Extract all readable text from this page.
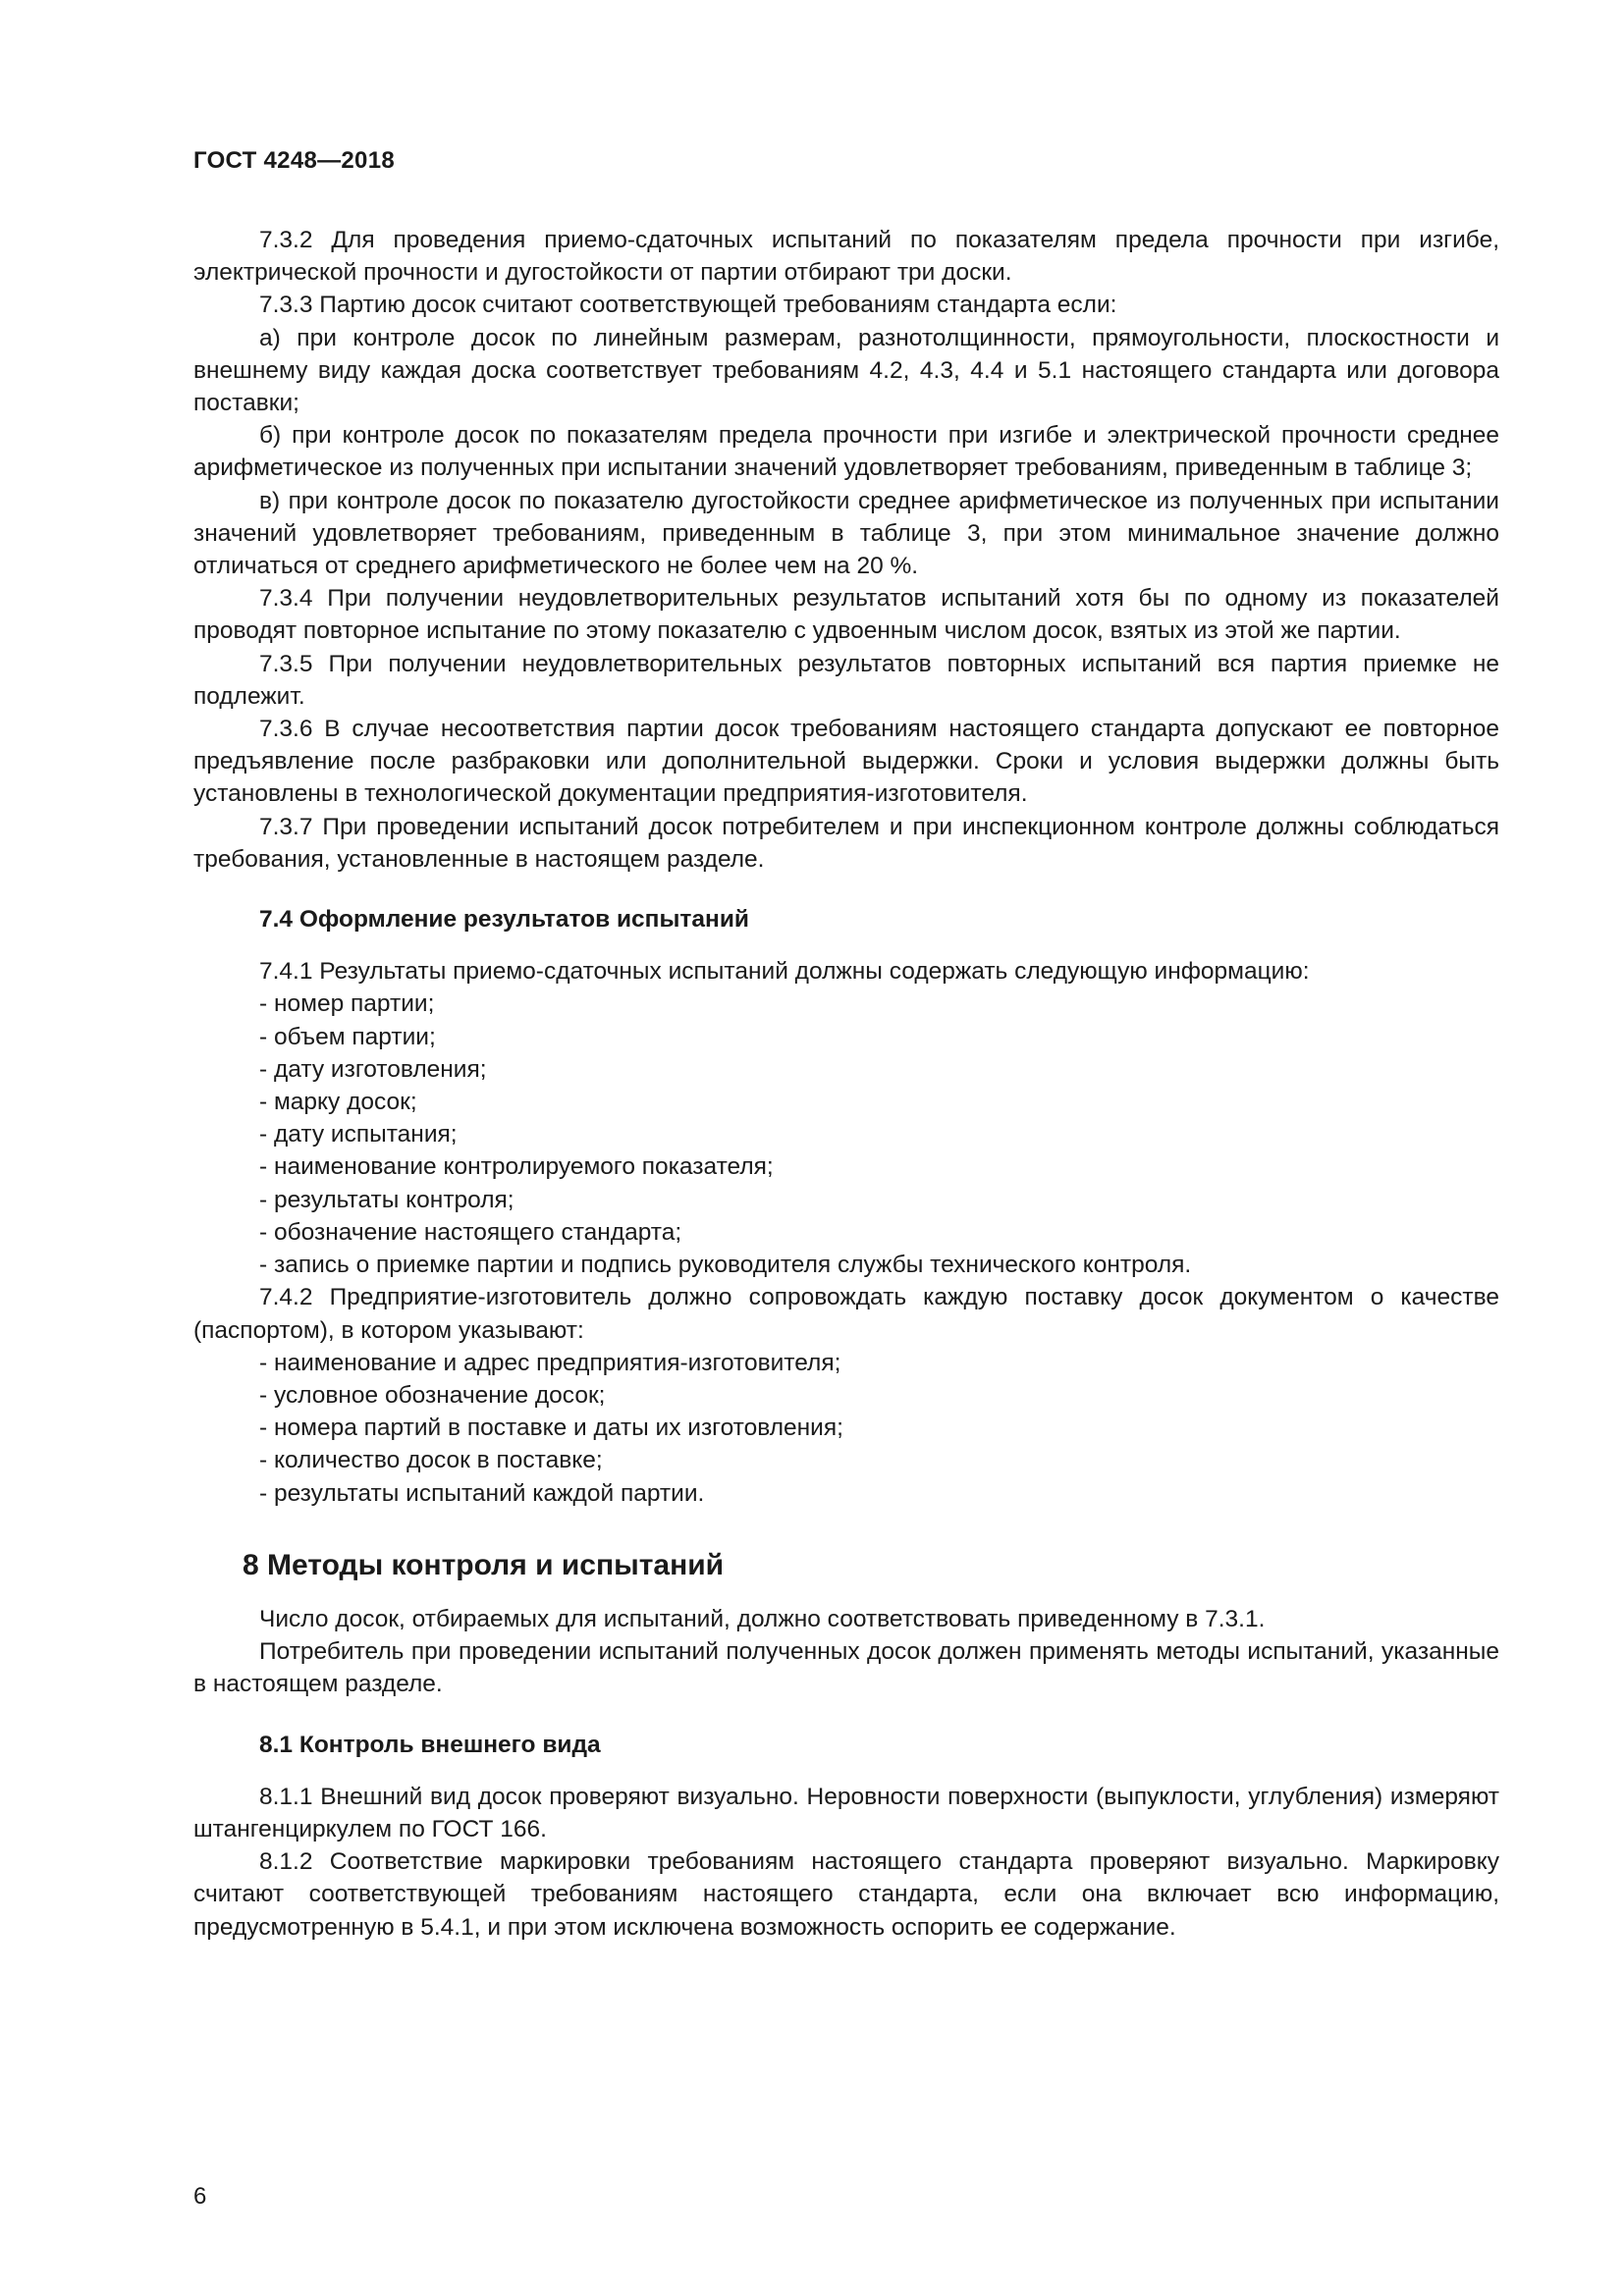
ГОСТ 4248—2018
7.3.2 Для проведения приемо-сдаточных испытаний по показателям предела прочности при изгибе, электрической прочности и дугостойкости от партии отбирают три доски.
7.3.3 Партию досок считают соответствующей требованиям стандарта если:
а) при контроле досок по линейным размерам, разнотолщинности, прямоугольности, плоскостности и внешнему виду каждая доска соответствует требованиям 4.2, 4.3, 4.4 и 5.1 настоящего стандарта или договора поставки;
б) при контроле досок по показателям предела прочности при изгибе и электрической прочности среднее арифметическое из полученных при испытании значений удовлетворяет требованиям, приведенным в таблице 3;
в) при контроле досок по показателю дугостойкости среднее арифметическое из полученных при испытании значений удовлетворяет требованиям, приведенным в таблице 3, при этом минимальное значение должно отличаться от среднего арифметического не более чем на 20 %.
7.3.4 При получении неудовлетворительных результатов испытаний хотя бы по одному из показателей проводят повторное испытание по этому показателю с удвоенным числом досок, взятых из этой же партии.
7.3.5 При получении неудовлетворительных результатов повторных испытаний вся партия приемке не подлежит.
7.3.6 В случае несоответствия партии досок требованиям настоящего стандарта допускают ее повторное предъявление после разбраковки или дополнительной выдержки. Сроки и условия выдержки должны быть установлены в технологической документации предприятия-изготовителя.
7.3.7 При проведении испытаний досок потребителем и при инспекционном контроле должны соблюдаться требования, установленные в настоящем разделе.
7.4 Оформление результатов испытаний
7.4.1 Результаты приемо-сдаточных испытаний должны содержать следующую информацию:
- номер партии;
- объем партии;
- дату изготовления;
- марку досок;
- дату испытания;
- наименование контролируемого показателя;
- результаты контроля;
- обозначение настоящего стандарта;
- запись о приемке партии и подпись руководителя службы технического контроля.
7.4.2 Предприятие-изготовитель должно сопровождать каждую поставку досок документом о качестве (паспортом), в котором указывают:
- наименование и адрес предприятия-изготовителя;
- условное обозначение досок;
- номера партий в поставке и даты их изготовления;
- количество досок в поставке;
- результаты испытаний каждой партии.
8 Методы контроля и испытаний
Число досок, отбираемых для испытаний, должно соответствовать приведенному в 7.3.1.
Потребитель при проведении испытаний полученных досок должен применять методы испытаний, указанные в настоящем разделе.
8.1 Контроль внешнего вида
8.1.1 Внешний вид досок проверяют визуально. Неровности поверхности (выпуклости, углубления) измеряют штангенциркулем по ГОСТ 166.
8.1.2 Соответствие маркировки требованиям настоящего стандарта проверяют визуально. Маркировку считают соответствующей требованиям настоящего стандарта, если она включает всю информацию, предусмотренную в 5.4.1, и при этом исключена возможность оспорить ее содержание.
6
